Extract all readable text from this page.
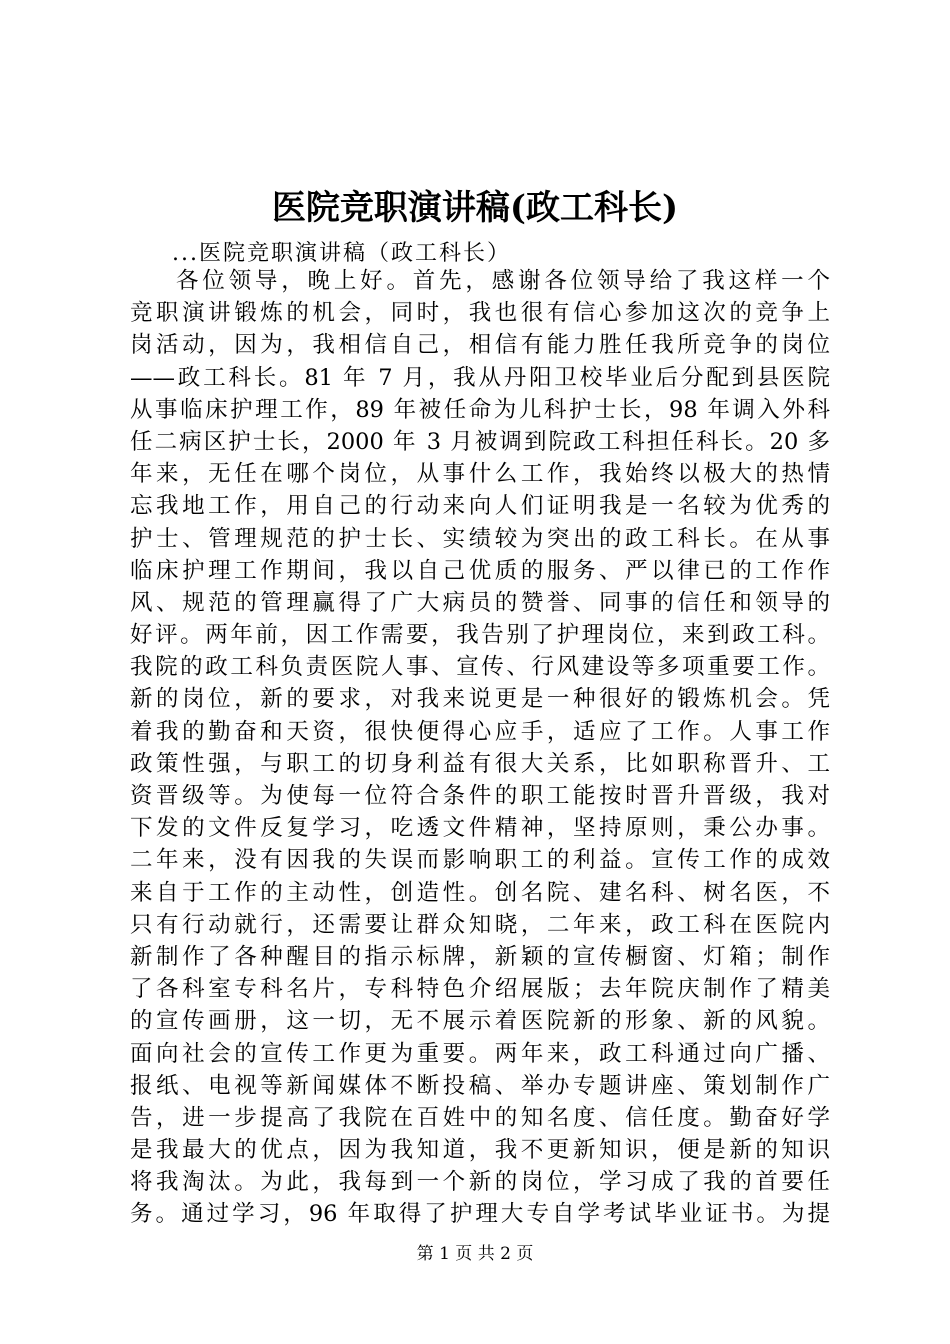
医院竞职演讲稿(政工科长)
...医院竞职演讲稿（政工科长）
各位领导，晚上好。首先，感谢各位领导给了我这样一个
竞职演讲锻炼的机会，同时，我也很有信心参加这次的竞争上
岗活动，因为，我相信自己，相信有能力胜任我所竞争的岗位
——政工科长。81 年 7 月，我从丹阳卫校毕业后分配到县医院
从事临床护理工作，89 年被任命为儿科护士长，98 年调入外科
任二病区护士长，2000 年 3 月被调到院政工科担任科长。20 多
年来，无任在哪个岗位，从事什么工作，我始终以极大的热情
忘我地工作，用自己的行动来向人们证明我是一名较为优秀的
护士、管理规范的护士长、实绩较为突出的政工科长。在从事
临床护理工作期间，我以自己优质的服务、严以律已的工作作
风、规范的管理赢得了广大病员的赞誉、同事的信任和领导的
好评。两年前，因工作需要，我告别了护理岗位，来到政工科。
我院的政工科负责医院人事、宣传、行风建设等多项重要工作。
新的岗位，新的要求，对我来说更是一种很好的锻炼机会。凭
着我的勤奋和天资，很快便得心应手，适应了工作。人事工作
政策性强，与职工的切身利益有很大关系，比如职称晋升、工
资晋级等。为使每一位符合条件的职工能按时晋升晋级，我对
下发的文件反复学习，吃透文件精神，坚持原则，秉公办事。
二年来，没有因我的失误而影响职工的利益。宣传工作的成效
来自于工作的主动性，创造性。创名院、建名科、树名医，不
只有行动就行，还需要让群众知晓，二年来，政工科在医院内
新制作了各种醒目的指示标牌，新颖的宣传橱窗、灯箱；制作
了各科室专科名片，专科特色介绍展版；去年院庆制作了精美
的宣传画册，这一切，无不展示着医院新的形象、新的风貌。
面向社会的宣传工作更为重要。两年来，政工科通过向广播、
报纸、电视等新闻媒体不断投稿、举办专题讲座、策划制作广
告，进一步提高了我院在百姓中的知名度、信任度。勤奋好学
是我最大的优点，因为我知道，我不更新知识，便是新的知识
将我淘汰。为此，我每到一个新的岗位，学习成了我的首要任
务。通过学习，96 年取得了护理大专自学考试毕业证书。为提
第 1 页 共 2 页
